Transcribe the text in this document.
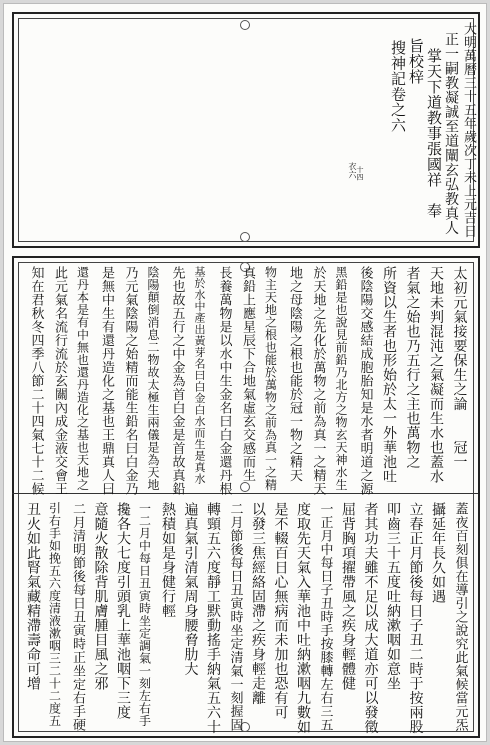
大明萬曆三十五年歲次丁未上元吉日
正一嗣教凝誠至道闡玄弘教真人
掌天下道教事張國祥　奉
旨校梓
搜神記卷之六
衣六 十四
太初元氣接要保生之論　　冠一
天地未判混沌之氣凝而生水也蓋水
者氣之始也乃五行之主也萬物之
所資以生者也形始於太一外華池吐
後陰陽交感結成胞胎知是水者明道之源
黑鉛是也說見前鉛乃北方之物玄天神水生
於天地之先化於萬物之前為真一之精天
地之母陰陽之根也能於冠一物之精天
物主天地之根也能於萬物之前為真一之精
真鉛上應星辰下合地氣虛玄交感而生
長養萬物是以水中生金名曰白金還丹根
基於水中產出黃芽名曰白金白水而生是真水
先也故五行之中金為首白金是首故真鉛
陰陽顛倒消息二物故太極生兩儀是為天地
乃元氣陰陽之始精而能生鉛名曰白金乃
是無中生有還丹造化之基也王鼎真人曰
還丹本是有中無也還丹造化之基也天地之
此元氣名流行流於玄關內成金液交會王
知在君秋冬四季八節二十四氣七十二候
蓋夜百刻俱在導引之說究此氣候當元炁
攝延年長久如遇
立春正月節後每日子丑二時于按兩股
叩齒三十五度吐納漱咽如意坐
者其功夫雖不足以成大道亦可以發徵
屈背胸項擢帶風之疾身輕體健
一正月中每日子丑時手按膝轉左右三五
度取先天氣入華池中吐納漱咽九數如
是不輟百日心無病而未加也恐有可
以發三焦經絡固滯之疾身輕走離
二月節後每日丑寅時坐定清氣一刻握固
轉頸五六度靜工默動搖手納氣五六十
遍真氣引清氣周身腰脅肋大
熱積如是身健行輕
一二月中每日丑寅時坐定調氣一刻左右手
攙各大七度引頭乳上華池咽下三度
意隨火散除背肌膚腫目風之邪
二月清明節後每日丑寅時正坐定右手硬
引右手如挽五六度清液漱咽三二十二度五
丑火如此腎氣藏精滯壽命可增
